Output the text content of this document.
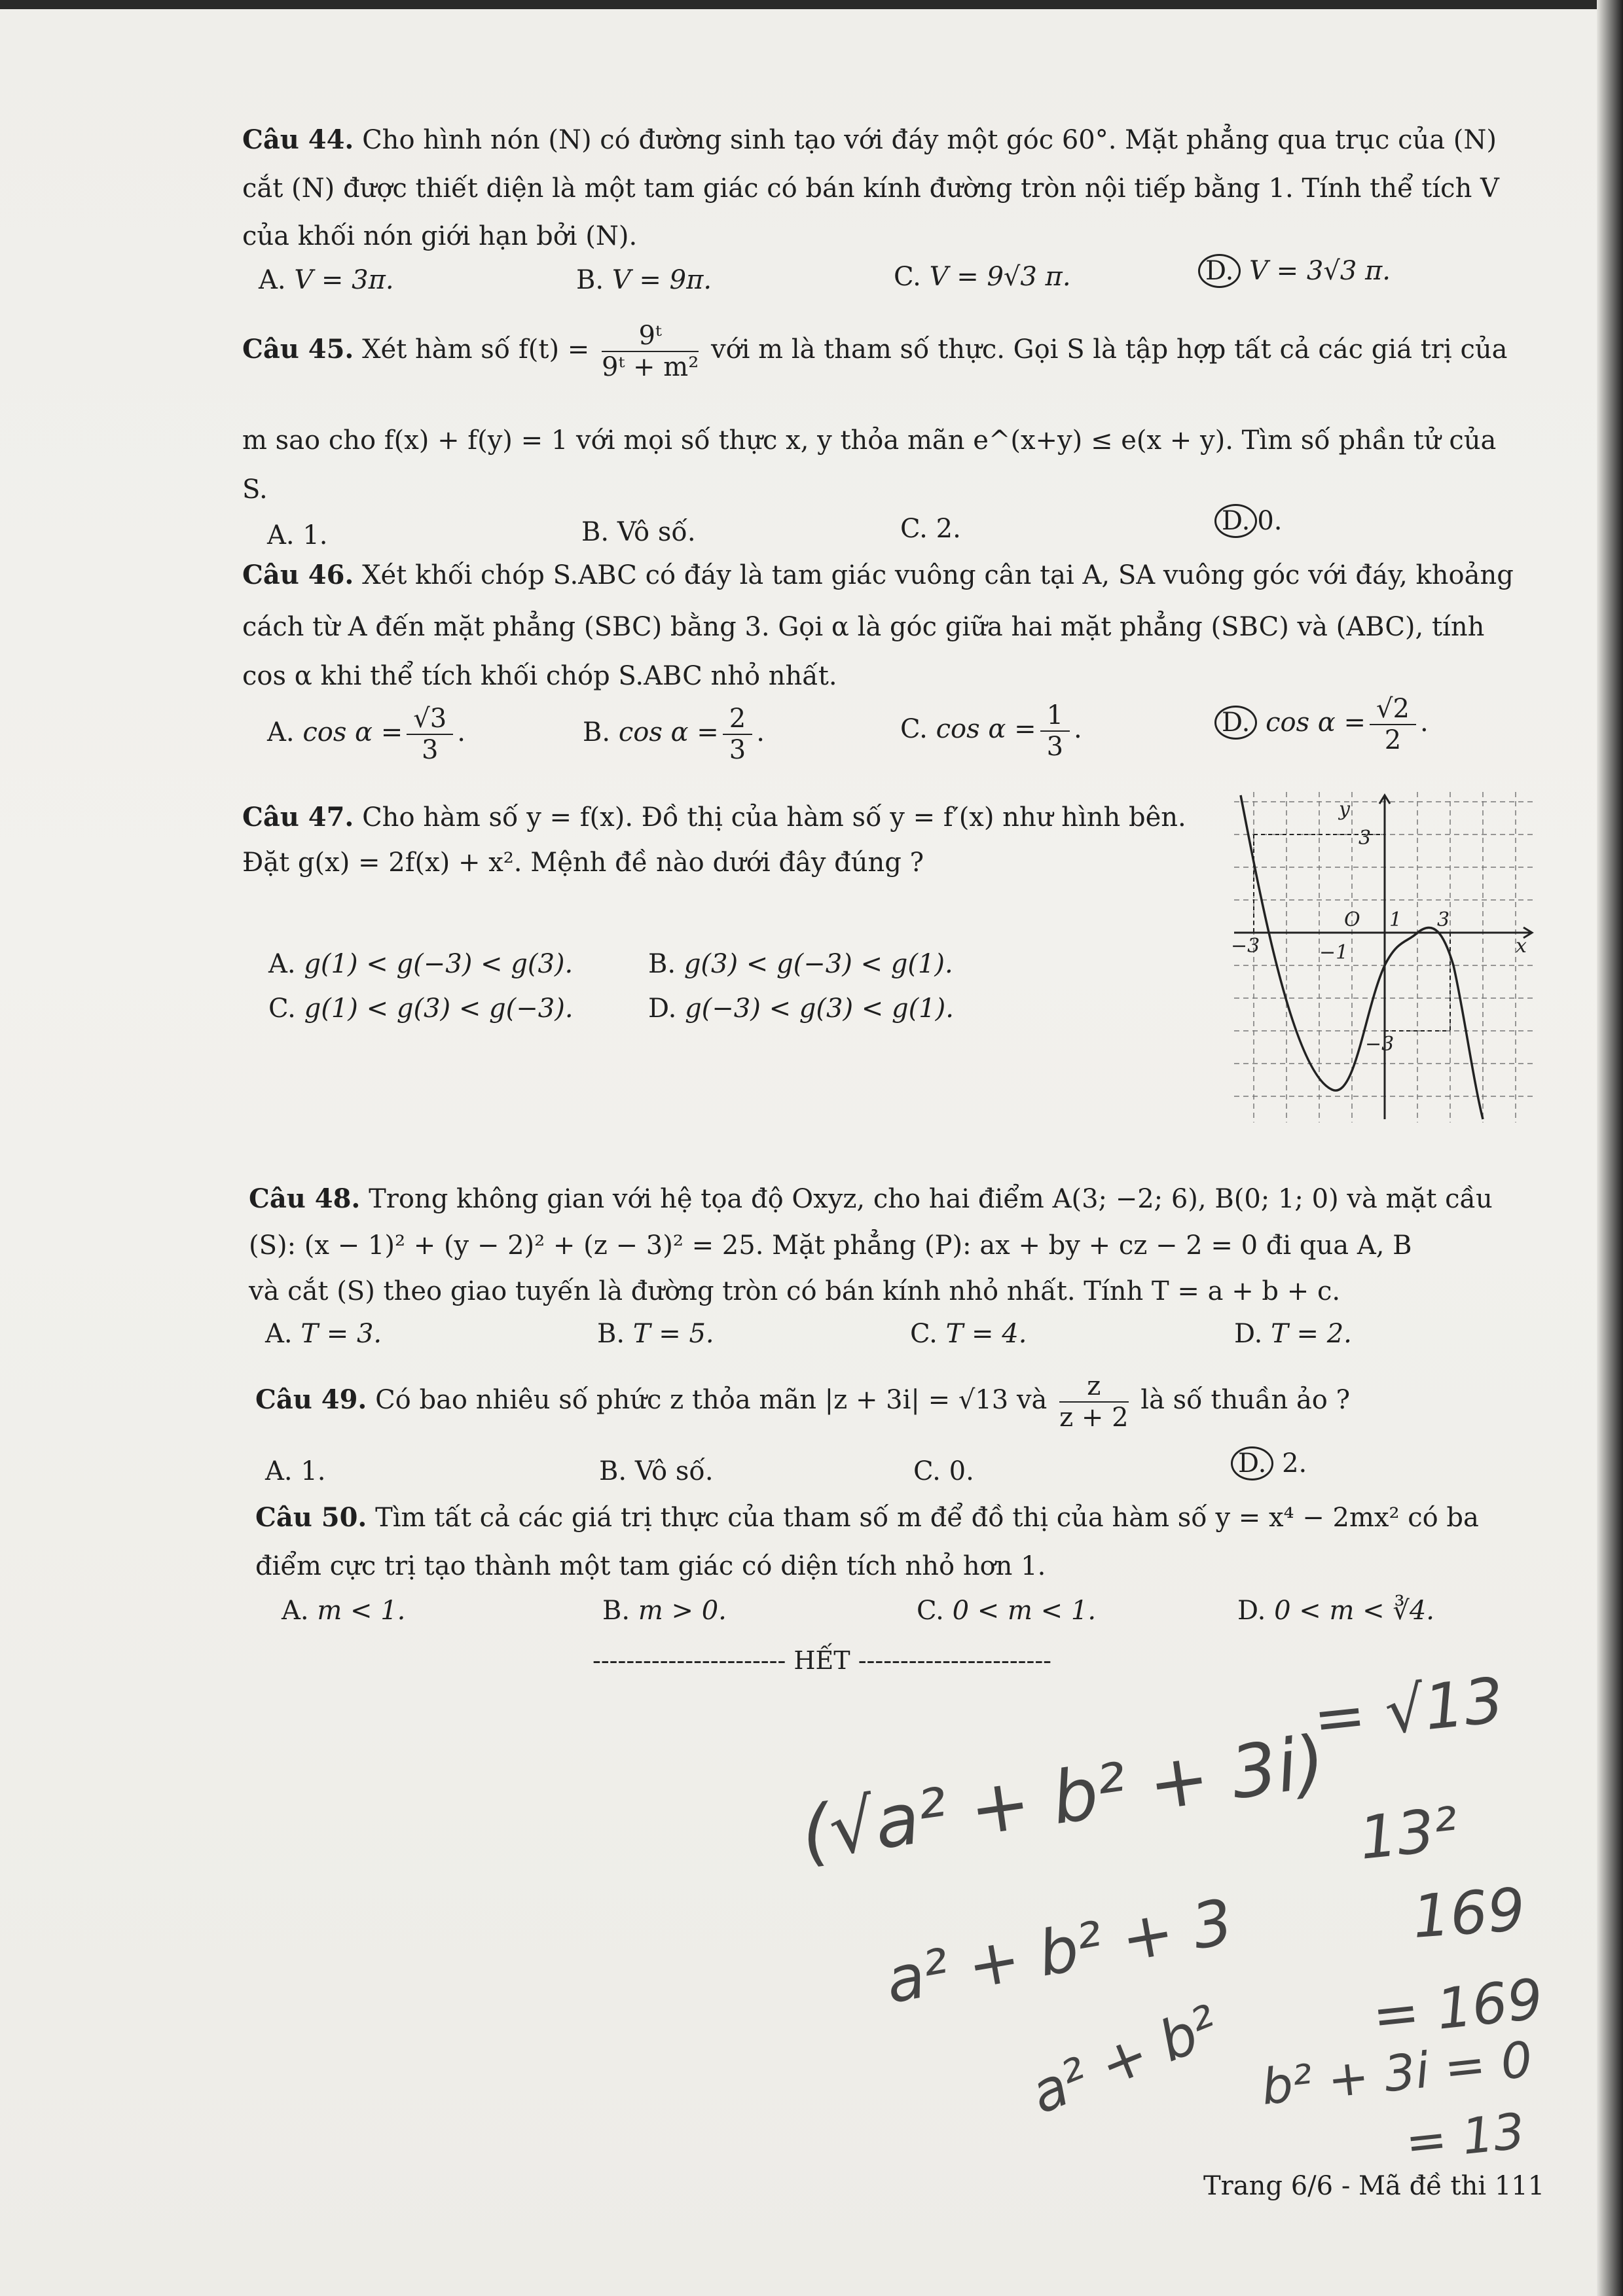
Câu 44. Cho hình nón (N) có đường sinh tạo với đáy một góc 60°. Mặt phẳng qua trục của (N)
cắt (N) được thiết diện là một tam giác có bán kính đường tròn nội tiếp bằng 1. Tính thể tích V
của khối nón giới hạn bởi (N).
A. V = 3π.	B. V = 9π.	C. V = 9√3 π.	D. V = 3√3 π.
Câu 45. Xét hàm số $f(t) = \frac{\text{9ᵗ}}{\text{9ᵗ + m²}}$ với m là tham số thực. Gọi S là tập hợp tất cả các giá trị của
m sao cho f(x) + f(y) = 1 với mọi số thực x, y thỏa mãn e^(x+y) ≤ e(x + y). Tìm số phần tử của
S.
A. 1.	B. Vô số.	C. 2.	D. 0.
Câu 46. Xét khối chóp S.ABC có đáy là tam giác vuông cân tại A, SA vuông góc với đáy, khoảng
cách từ A đến mặt phẳng (SBC) bằng 3. Gọi α là góc giữa hai mặt phẳng (SBC) và (ABC), tính
cos α khi thể tích khối chóp S.ABC nhỏ nhất.
A. $\cos \alpha = \frac{√3}{3}$ .	B. $\cos \alpha = \frac{2}{3}$ .	C. $\cos \alpha = \frac{1}{3}$ .	D. $\cos \alpha = \frac{√2}{2}$ .
Câu 47. Cho hàm số y = f(x). Đồ thị của hàm số y = f′(x) như hình bên.
Đặt g(x) = 2f(x) + x². Mệnh đề nào dưới đây đúng ?
A. g(1) < g(−3) < g(3).	B. g(3) < g(−3) < g(1).
C. g(1) < g(3) < g(−3).	D. g(−3) < g(3) < g(1).
y
x
O 1 3
−3	−1
−3
3
Câu 48. Trong không gian với hệ tọa độ Oxyz, cho hai điểm A(3; −2; 6), B(0; 1; 0) và mặt cầu
(S): (x − 1)² + (y − 2)² + (z − 3)² = 25. Mặt phẳng (P): ax + by + cz − 2 = 0 đi qua A, B
và cắt (S) theo giao tuyến là đường tròn có bán kính nhỏ nhất. Tính T = a + b + c.
A. T = 3.	B. T = 5.	C. T = 4.	D. T = 2.
Câu 49. Có bao nhiêu số phức z thỏa mãn |z + 3i| = √13 và $\frac{z}{z + 2}$ là số thuần ảo ?
A. 1.	B. Vô số.	C. 0.	D. 2.
Câu 50. Tìm tất cả các giá trị thực của tham số m để đồ thị của hàm số y = x⁴ − 2mx² có ba
điểm cực trị tạo thành một tam giác có diện tích nhỏ hơn 1.
A. m < 1.	B. m > 0.	C. 0 < m < 1.	D. 0 < m < ∛4.
----------------------- HẾT -----------------------
(√a² + b² + 3i)
= √13
13²
169
a² + b² + 3 = 169
a² + b² b² + 3i = 0
= 13
Trang 6/6 - Mã đề thi 111
